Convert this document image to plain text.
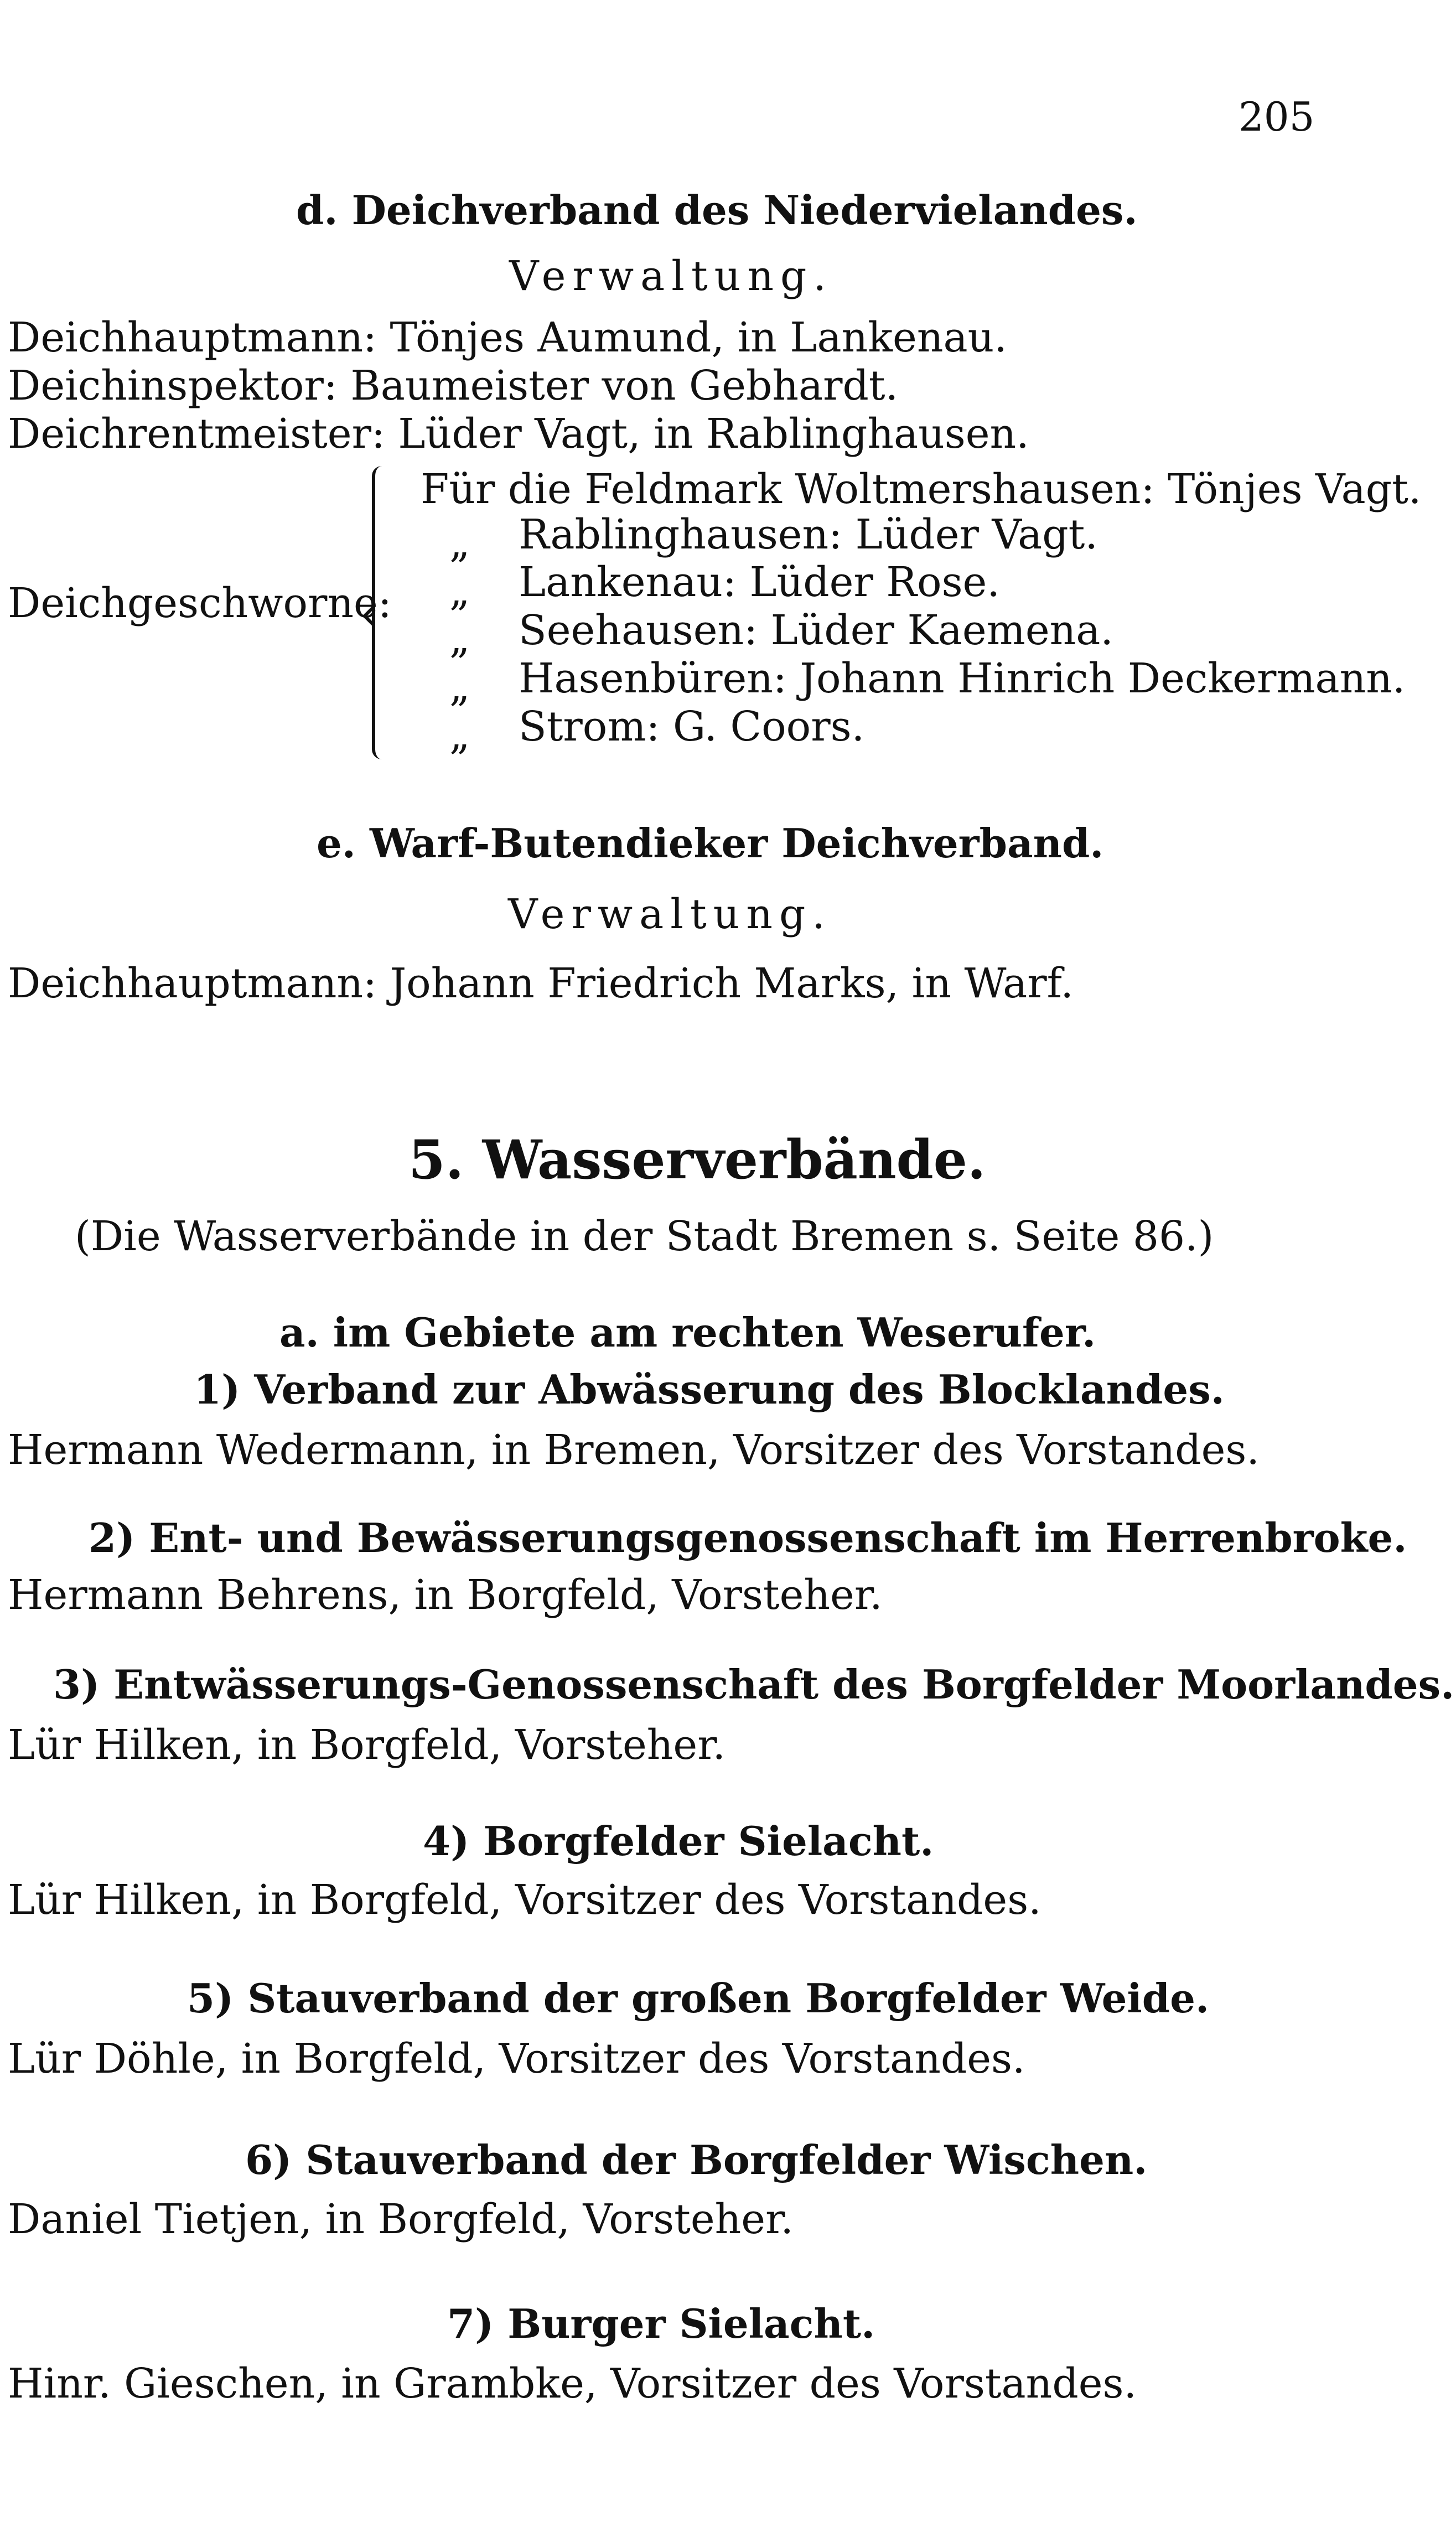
205
d. Deichverband des Niedervielandes.
Verwaltung.
Deichhauptmann: Tönjes Aumund, in Lankenau.
Deichinspektor: Baumeister von Gebhardt.
Deichrentmeister: Lüder Vagt, in Rablinghausen.
Deichgeschworne:
Für die Feldmark Woltmershausen: Tönjes Vagt.
„ Rablinghausen: Lüder Vagt.
„ Lankenau: Lüder Rose.
„ Seehausen: Lüder Kaemena.
„ Hasenbüren: Johann Hinrich Deckermann.
„ Strom: G. Coors.
e. Warf-Butendieker Deichverband.
Verwaltung.
Deichhauptmann: Johann Friedrich Marks, in Warf.
5. Wasserverbände.
(Die Wasserverbände in der Stadt Bremen s. Seite 86.)
a. im Gebiete am rechten Weserufer.
1) Verband zur Abwässerung des Blocklandes.
Hermann Wedermann, in Bremen, Vorsitzer des Vorstandes.
2) Ent- und Bewässerungsgenossenschaft im Herrenbroke.
Hermann Behrens, in Borgfeld, Vorsteher.
3) Entwässerungs-Genossenschaft des Borgfelder Moorlandes.
Lür Hilken, in Borgfeld, Vorsteher.
4) Borgfelder Sielacht.
Lür Hilken, in Borgfeld, Vorsitzer des Vorstandes.
5) Stauverband der großen Borgfelder Weide.
Lür Döhle, in Borgfeld, Vorsitzer des Vorstandes.
6) Stauverband der Borgfelder Wischen.
Daniel Tietjen, in Borgfeld, Vorsteher.
7) Burger Sielacht.
Hinr. Gieschen, in Grambke, Vorsitzer des Vorstandes.
